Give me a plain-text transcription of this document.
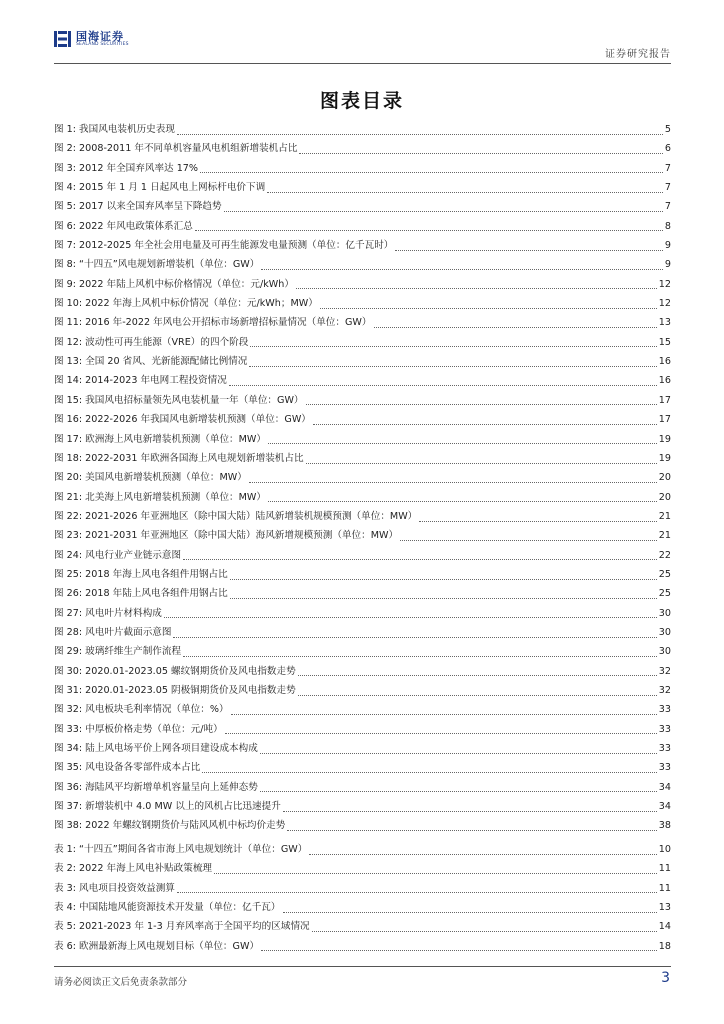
国海证券
SEALAND SECURITIES
证券研究报告
图表目录
图 1: 我国风电装机历史表现	5
图 2: 2008-2011 年不同单机容量风电机组新增装机占比	6
图 3: 2012 年全国弃风率达 17%	7
图 4: 2015 年 1 月 1 日起风电上网标杆电价下调	7
图 5: 2017 以来全国弃风率呈下降趋势	7
图 6: 2022 年风电政策体系汇总	8
图 7: 2012-2025 年全社会用电量及可再生能源发电量预测（单位：亿千瓦时）	9
图 8: “十四五”风电规划新增装机（单位：GW）	9
图 9: 2022 年陆上风机中标价格情况（单位：元/kWh）	12
图 10: 2022 年海上风机中标价情况（单位：元/kWh；MW）	12
图 11: 2016 年-2022 年风电公开招标市场新增招标量情况（单位：GW）	13
图 12: 波动性可再生能源（VRE）的四个阶段	15
图 13: 全国 20 省风、光新能源配储比例情况	16
图 14: 2014-2023 年电网工程投资情况	16
图 15: 我国风电招标量领先风电装机量一年（单位：GW）	17
图 16: 2022-2026 年我国风电新增装机预测（单位：GW）	17
图 17: 欧洲海上风电新增装机预测（单位：MW）	19
图 18: 2022-2031 年欧洲各国海上风电规划新增装机占比	19
图 20: 美国风电新增装机预测（单位：MW）	20
图 21: 北美海上风电新增装机预测（单位：MW）	20
图 22: 2021-2026 年亚洲地区（除中国大陆）陆风新增装机规模预测（单位：MW）	21
图 23: 2021-2031 年亚洲地区（除中国大陆）海风新增规模预测（单位：MW）	21
图 24: 风电行业产业链示意图	22
图 25: 2018 年海上风电各组件用钢占比	25
图 26: 2018 年陆上风电各组件用钢占比	25
图 27: 风电叶片材料构成	30
图 28: 风电叶片截面示意图	30
图 29: 玻璃纤维生产制作流程	30
图 30: 2020.01-2023.05 螺纹钢期货价及风电指数走势	32
图 31: 2020.01-2023.05 阴极铜期货价及风电指数走势	32
图 32: 风电板块毛利率情况（单位：%）	33
图 33: 中厚板价格走势（单位：元/吨）	33
图 34: 陆上风电场平价上网各项目建设成本构成	33
图 35: 风电设备各零部件成本占比	33
图 36: 海陆风平均新增单机容量呈向上延伸态势	34
图 37: 新增装机中 4.0 MW 以上的风机占比迅速提升	34
图 38: 2022 年螺纹钢期货价与陆风风机中标均价走势	38
表 1: “十四五”期间各省市海上风电规划统计（单位：GW）	10
表 2: 2022 年海上风电补贴政策梳理	11
表 3: 风电项目投资效益测算	11
表 4: 中国陆地风能资源技术开发量（单位：亿千瓦）	13
表 5: 2021-2023 年 1-3 月弃风率高于全国平均的区域情况	14
表 6: 欧洲最新海上风电规划目标（单位：GW）	18
请务必阅读正文后免责条款部分	3
